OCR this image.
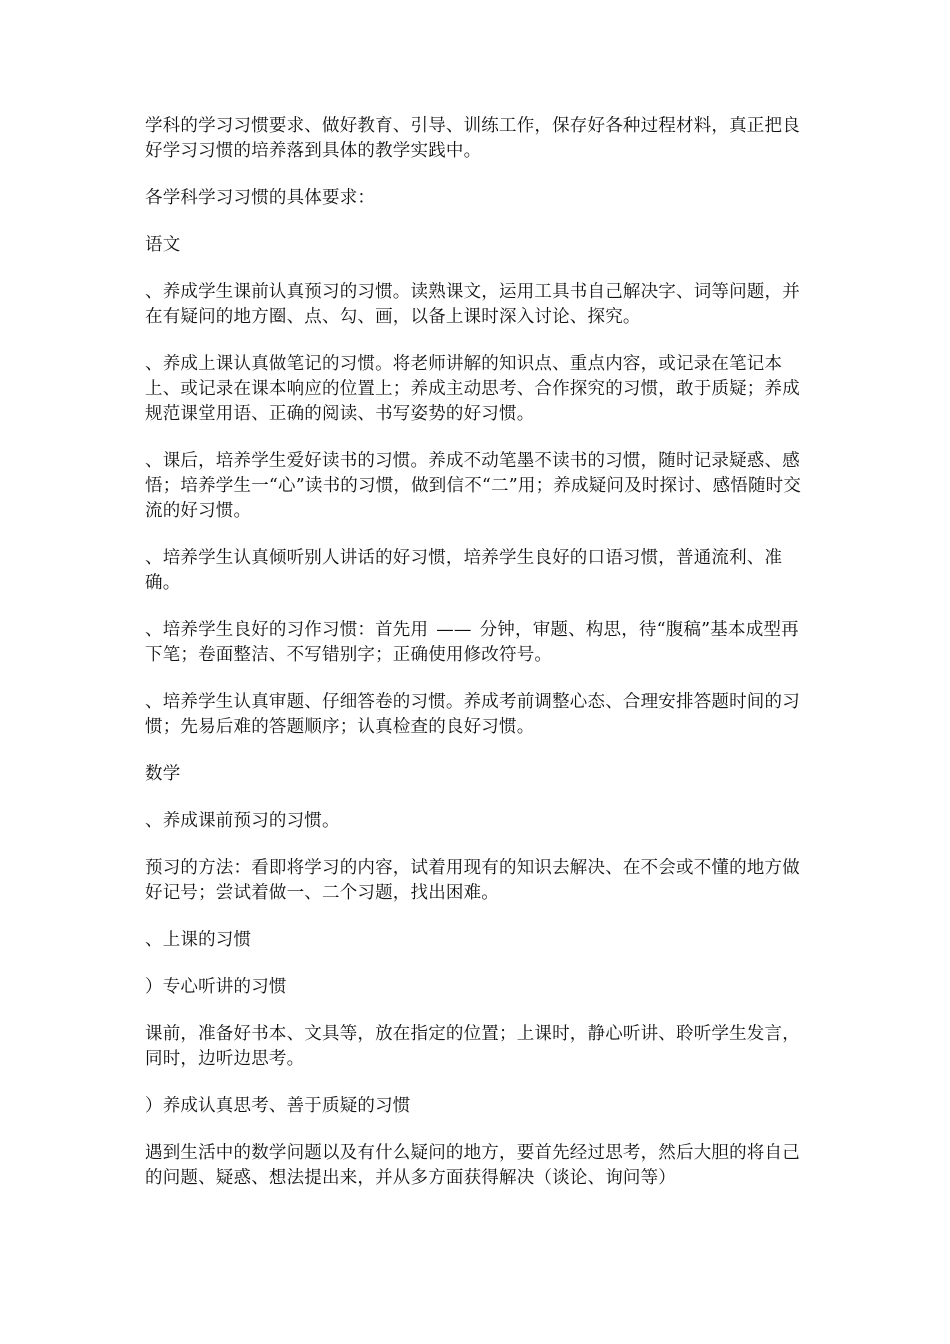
学科的学习习惯要求、做好教育、引导、训练工作，保存好各种过程材料，真正把良好学习习惯的培养落到具体的教学实践中。

各学科学习习惯的具体要求：

语文

、养成学生课前认真预习的习惯。读熟课文，运用工具书自己解决字、词等问题，并在有疑问的地方圈、点、勾、画，以备上课时深入讨论、探究。

、养成上课认真做笔记的习惯。将老师讲解的知识点、重点内容，或记录在笔记本上、或记录在课本响应的位置上；养成主动思考、合作探究的习惯，敢于质疑；养成规范课堂用语、正确的阅读、书写姿势的好习惯。

、课后，培养学生爱好读书的习惯。养成不动笔墨不读书的习惯，随时记录疑惑、感悟；培养学生一“心”读书的习惯，做到信不“二”用；养成疑问及时探讨、感悟随时交流的好习惯。

、培养学生认真倾听别人讲话的好习惯，培养学生良好的口语习惯，普通流利、准确。

、培养学生良好的习作习惯：首先用 —— 分钟，审题、构思，待“腹稿”基本成型再下笔；卷面整洁、不写错别字；正确使用修改符号。

、培养学生认真审题、仔细答卷的习惯。养成考前调整心态、合理安排答题时间的习惯；先易后难的答题顺序；认真检查的良好习惯。

数学

、养成课前预习的习惯。

预习的方法：看即将学习的内容，试着用现有的知识去解决、在不会或不懂的地方做好记号；尝试着做一、二个习题，找出困难。

、上课的习惯

）专心听讲的习惯

课前，准备好书本、文具等，放在指定的位置；上课时，静心听讲、聆听学生发言，同时，边听边思考。

）养成认真思考、善于质疑的习惯

遇到生活中的数学问题以及有什么疑问的地方，要首先经过思考，然后大胆的将自己的问题、疑惑、想法提出来，并从多方面获得解决（谈论、询问等）
